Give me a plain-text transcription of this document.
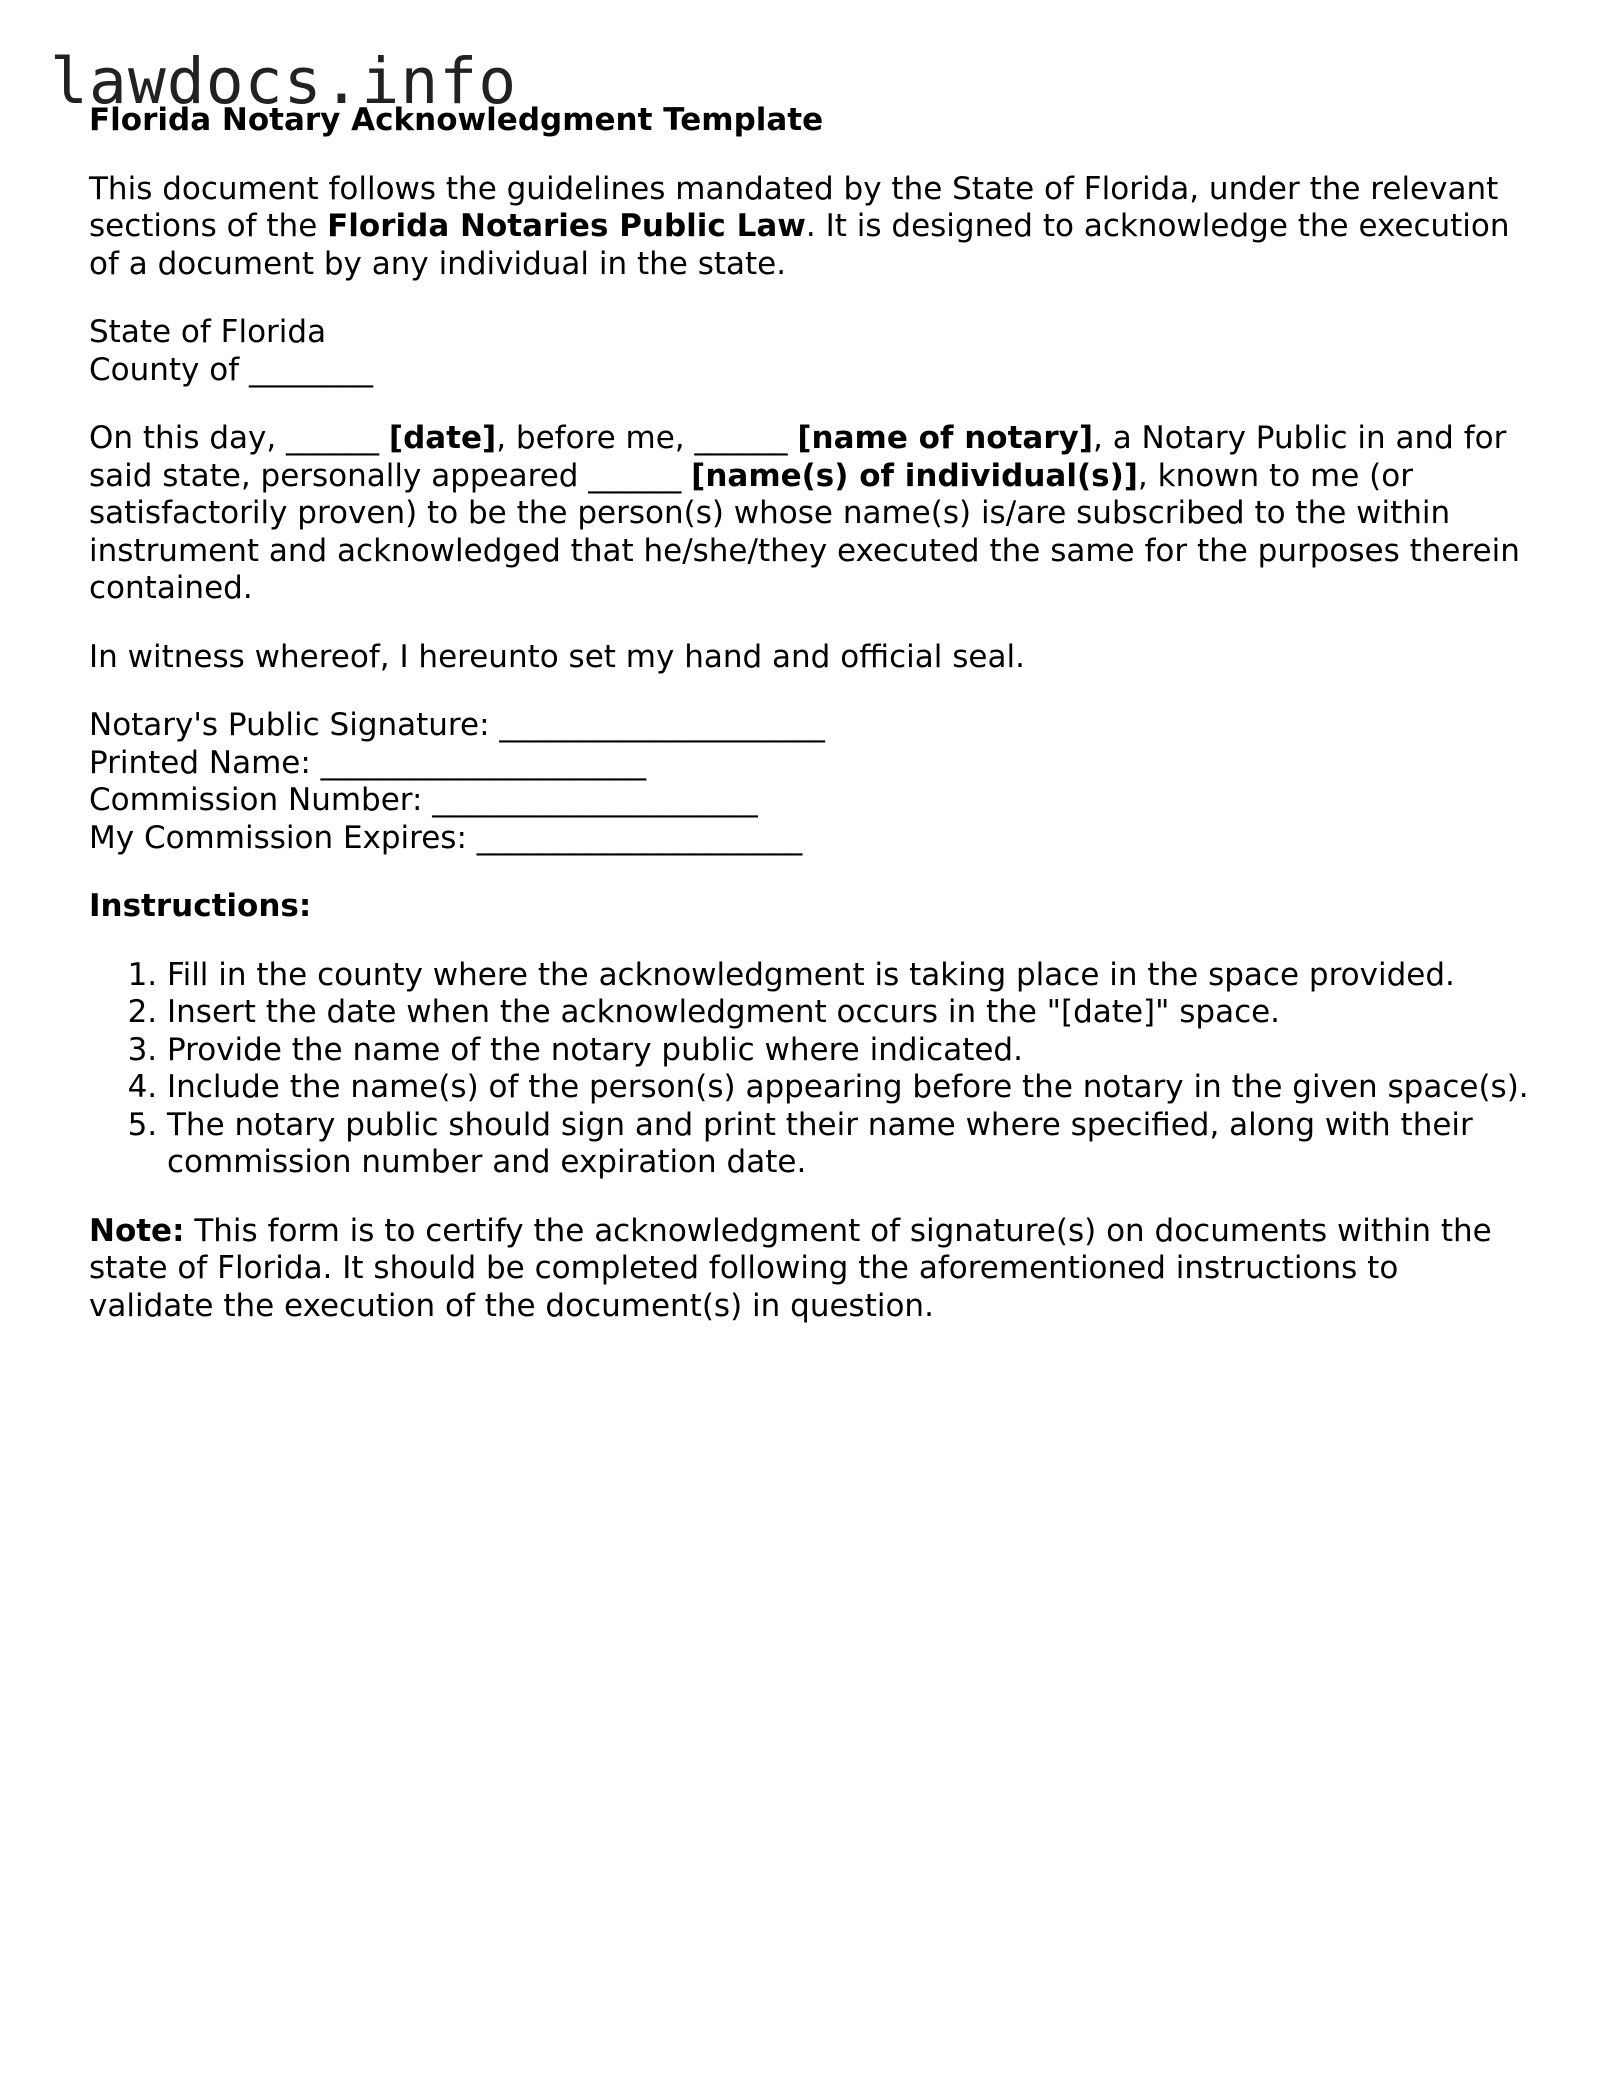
lawdocs.info
Florida Notary Acknowledgment Template

This document follows the guidelines mandated by the State of Florida, under the relevant sections of the Florida Notaries Public Law. It is designed to acknowledge the execution of a document by any individual in the state.

State of Florida
County of ________

On this day, ______ [date], before me, ______ [name of notary], a Notary Public in and for said state, personally appeared ______ [name(s) of individual(s)], known to me (or satisfactorily proven) to be the person(s) whose name(s) is/are subscribed to the within instrument and acknowledged that he/she/they executed the same for the purposes therein contained.

In witness whereof, I hereunto set my hand and official seal.

Notary's Public Signature: _____________________
Printed Name: _____________________
Commission Number: _____________________
My Commission Expires: _____________________

Instructions:

1. Fill in the county where the acknowledgment is taking place in the space provided.
2. Insert the date when the acknowledgment occurs in the "[date]" space.
3. Provide the name of the notary public where indicated.
4. Include the name(s) of the person(s) appearing before the notary in the given space(s).
5. The notary public should sign and print their name where specified, along with their commission number and expiration date.

Note: This form is to certify the acknowledgment of signature(s) on documents within the state of Florida. It should be completed following the aforementioned instructions to validate the execution of the document(s) in question.
